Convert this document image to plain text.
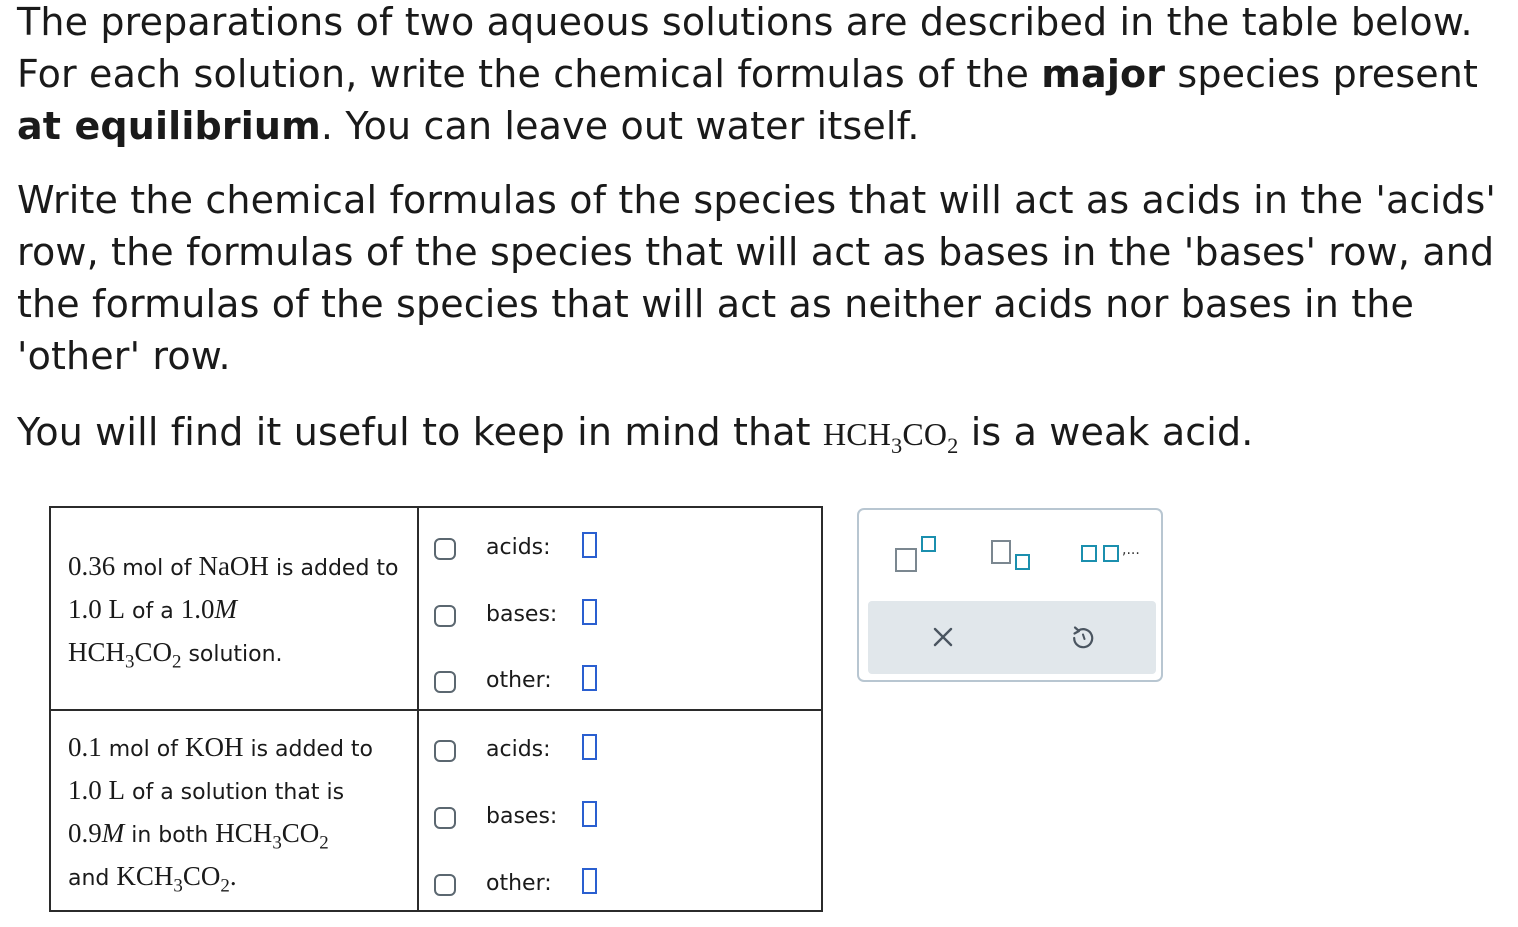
The preparations of two aqueous solutions are described in the table below. For each solution, write the chemical formulas of the major species present at equilibrium. You can leave out water itself.

Write the chemical formulas of the species that will act as acids in the 'acids' row, the formulas of the species that will act as bases in the 'bases' row, and the formulas of the species that will act as neither acids nor bases in the 'other' row.

You will find it useful to keep in mind that $HCH_3CO_2$ is a weak acid.

0.36 mol of NaOH is added to 1.0 L of a 1.0M
$HCH_3CO_2$ solution.
acids:
bases:
other:
0.1 mol of KOH is added to
1.0 L of a solution that is
0.9M in both $HCH_3CO_2$
and $KCH_3CO_2$.
acids:
bases:
other:
,...
